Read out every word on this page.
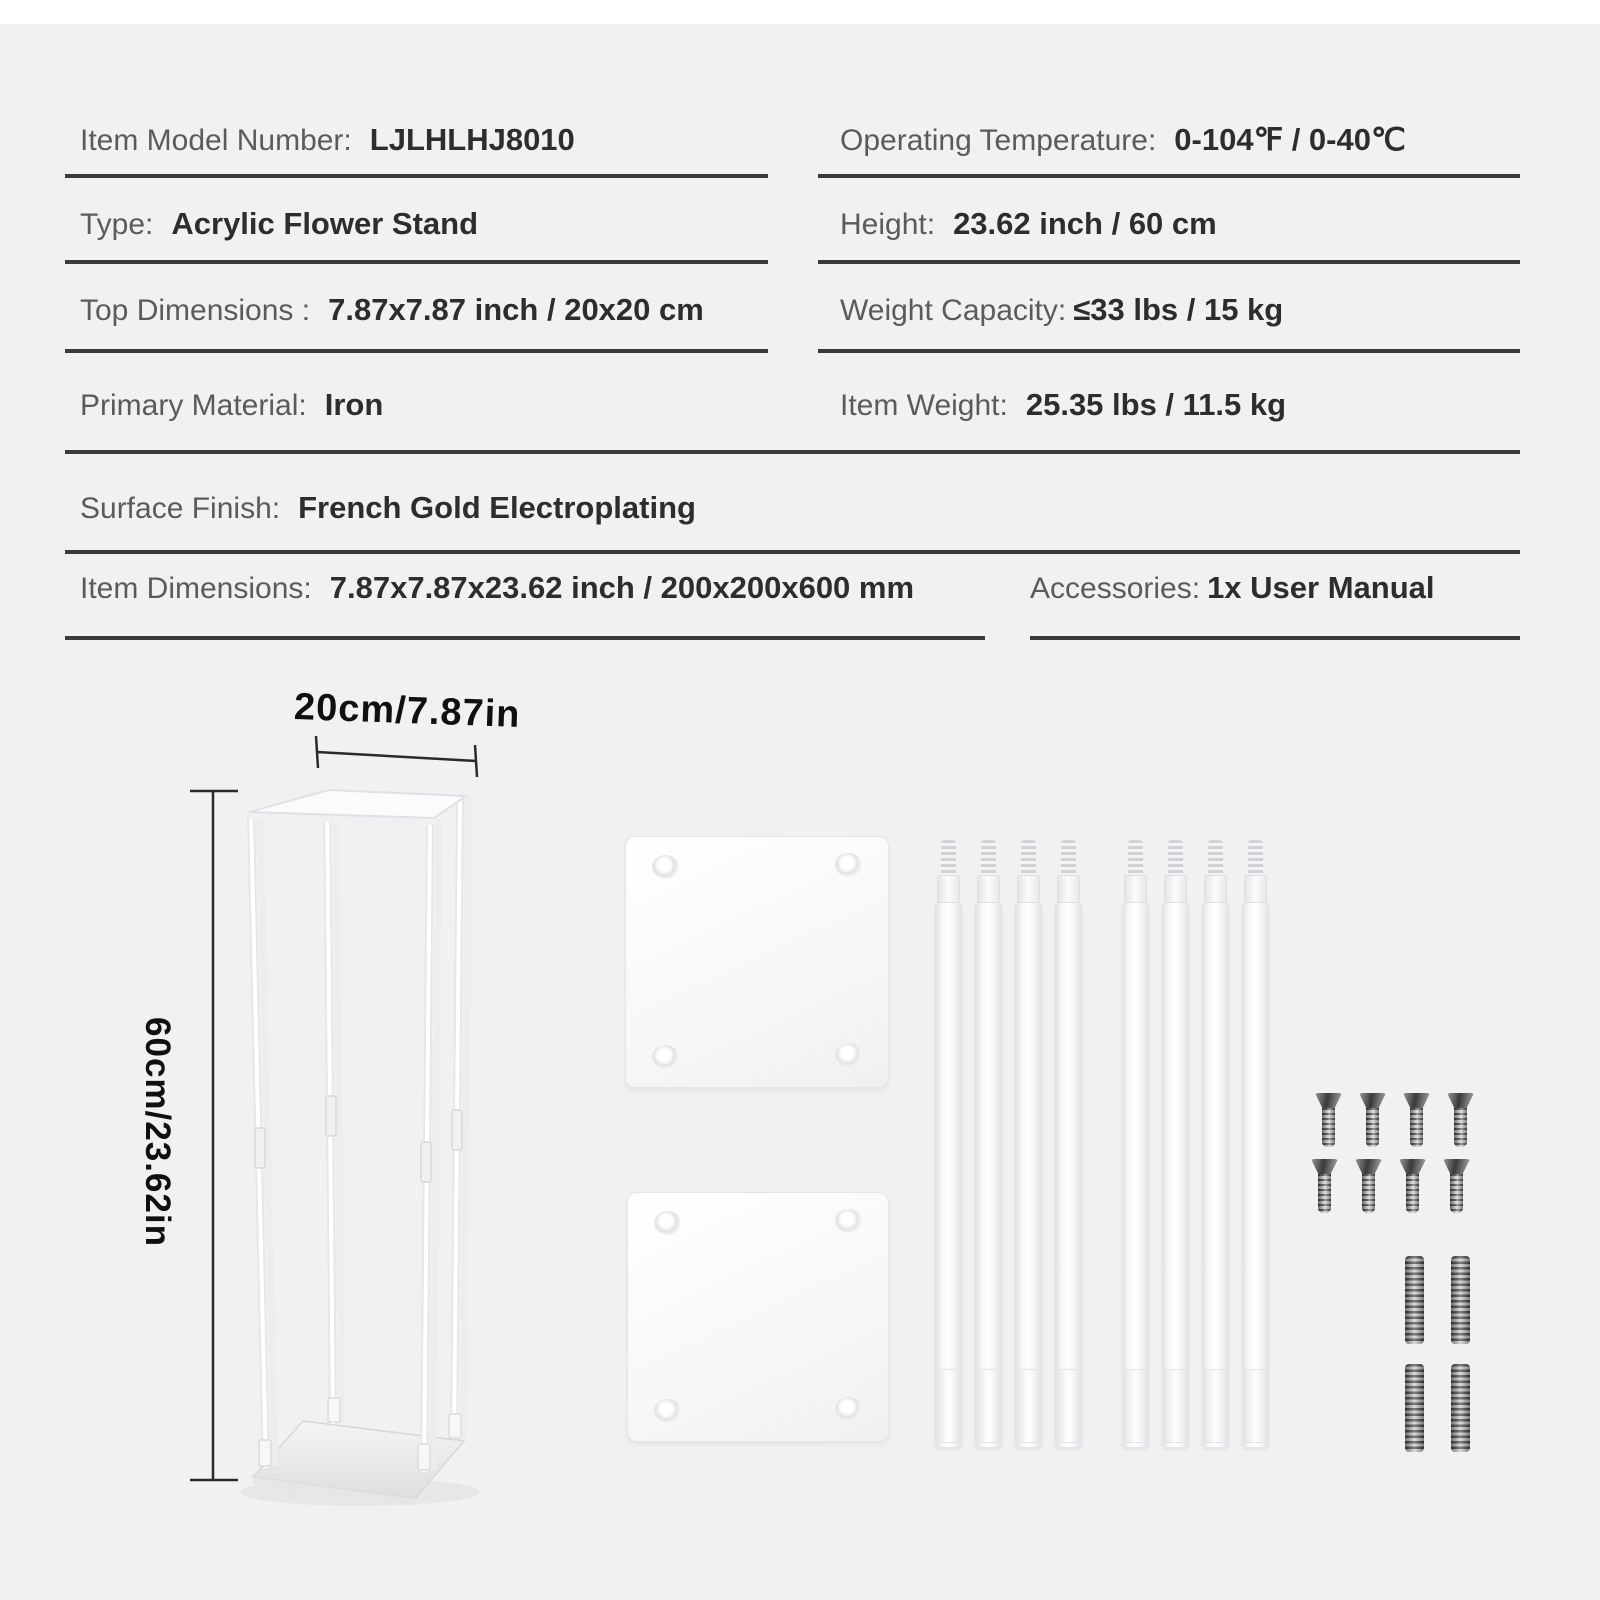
Item Model Number: LJLHLHJ8010	Operating Temperature: 0-104℉ / 0-40℃
Type: Acrylic Flower Stand	Height: 23.62 inch / 60 cm
Top Dimensions : 7.87x7.87 inch / 20x20 cm	Weight Capacity: ≤33 lbs / 15 kg
Primary Material: Iron	Item Weight: 25.35 lbs / 11.5 kg
Surface Finish: French Gold Electroplating
Item Dimensions: 7.87x7.87x23.62 inch / 200x200x600 mm	Accessories: 1x User Manual
20cm/7.87in
60cm/23.62in
